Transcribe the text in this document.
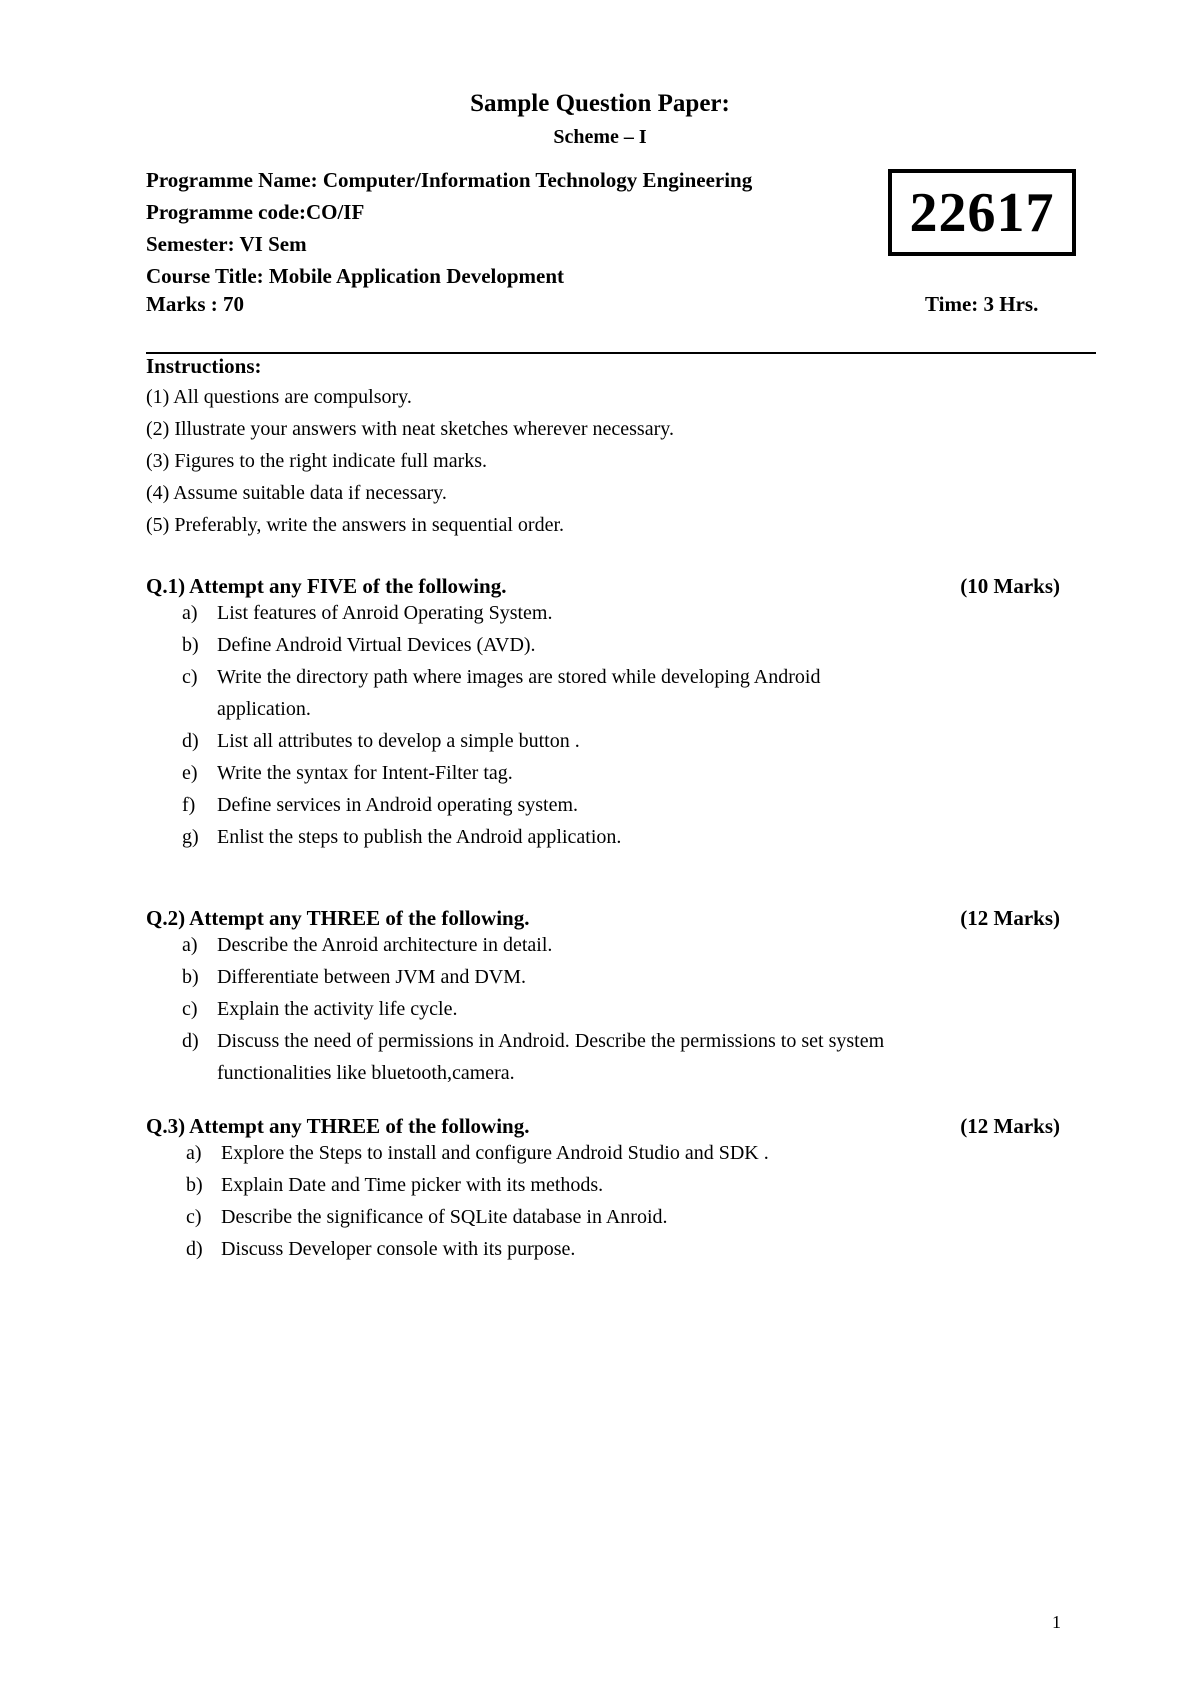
Sample Question Paper:
Scheme – I
Programme Name: Computer/Information Technology Engineering
Programme code:CO/IF
Semester: VI Sem
Course Title: Mobile Application Development
Marks : 70
22617
Time: 3 Hrs.
Instructions:
(1) All questions are compulsory.
(2) Illustrate your answers with neat sketches wherever necessary.
(3) Figures to the right indicate full marks.
(4) Assume suitable data if necessary.
(5) Preferably, write the answers in sequential order.
Q.1) Attempt any FIVE of the following.	(10 Marks)
a) List features of Anroid Operating System.
b) Define Android Virtual Devices (AVD).
c) Write the directory path where images are stored while developing Android
application.
d) List all attributes to develop a simple button .
e) Write the syntax for Intent-Filter tag.
f)	Define services in Android operating system.
g) Enlist the steps to publish the Android application.
Q.2) Attempt any THREE of the following.	(12 Marks)
a) Describe the Anroid architecture in detail.
b) Differentiate between JVM and DVM.
c) Explain the activity life cycle.
d) Discuss the need of permissions in Android. Describe the permissions to set system
functionalities like bluetooth,camera.
Q.3) Attempt any THREE of the following.	(12 Marks)
a) Explore the Steps to install and configure Android Studio and SDK .
b) Explain Date and Time picker with its methods.
c) Describe the significance of SQLite database in Anroid.
d) Discuss Developer console with its purpose.
1
